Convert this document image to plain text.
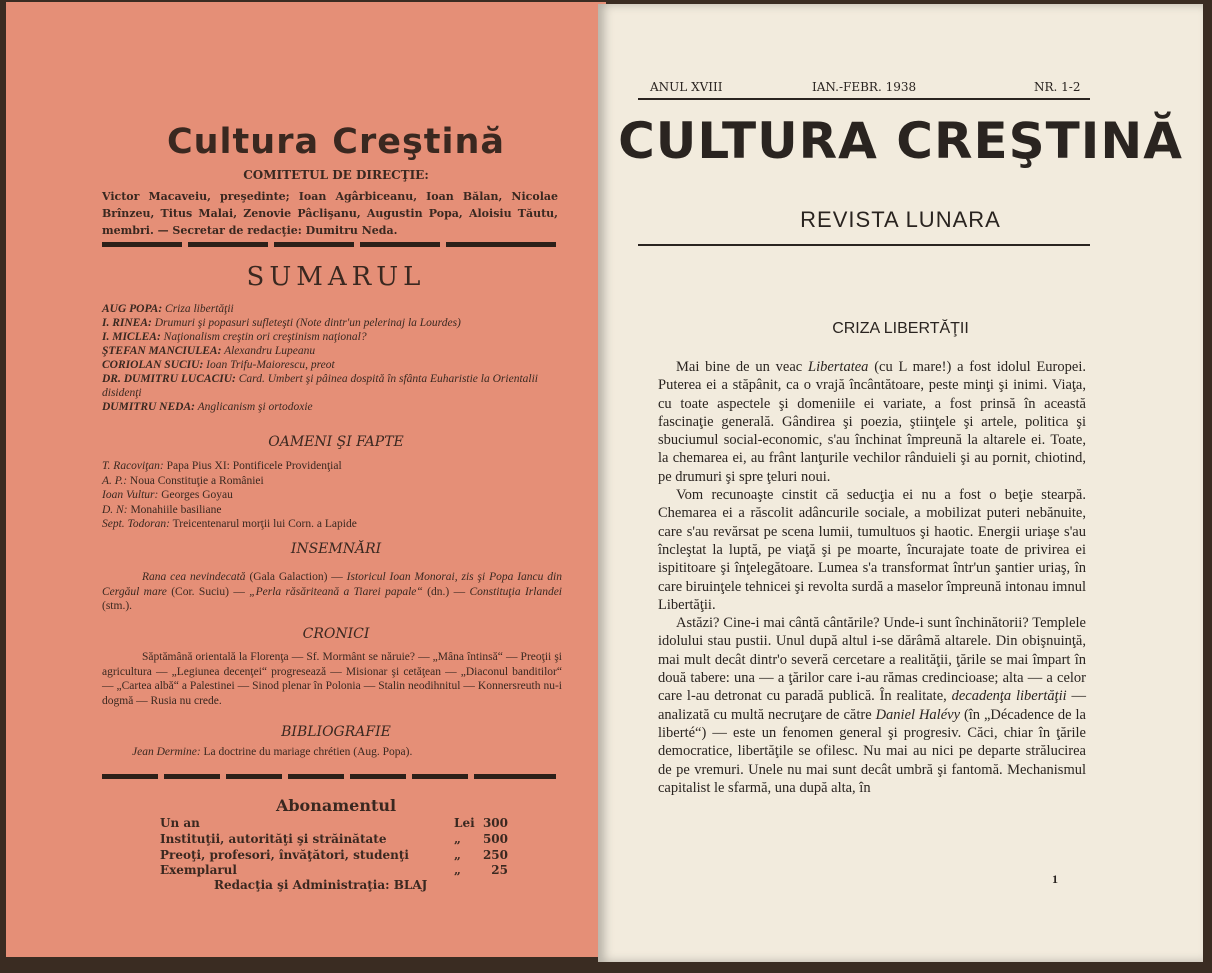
Cultura Creştină
COMITETUL DE DIRECŢIE:
Victor Macaveiu, preşedinte; Ioan Agârbiceanu, Ioan Bălan, Nicolae Brînzeu, Titus Malai, Zenovie Pâclişanu, Augustin Popa, Aloisiu Tăutu, membri. — Secretar de redacţie: Dumitru Neda.
SUMARUL
AUG POPA: Criza libertăţii
I. RINEA: Drumuri şi popasuri sufleteşti (Note dintr'un pelerinaj la Lourdes)
I. MICLEA: Naţionalism creştin ori creştinism naţional?
ŞTEFAN MANCIULEA: Alexandru Lupeanu
CORIOLAN SUCIU: Ioan Trifu-Maiorescu, preot
DR. DUMITRU LUCACIU: Card. Umbert şi pâinea dospită în sfânta Euharistie la Orientalii disidenţi
DUMITRU NEDA: Anglicanism şi ortodoxie
OAMENI ŞI FAPTE
T. Racoviţan: Papa Pius XI: Pontificele Providenţial
A. P.: Noua Constituţie a României
Ioan Vultur: Georges Goyau
D. N: Monahiile basiliane
Sept. Todoran: Treicentenarul morţii lui Corn. a Lapide
INSEMNĂRI
Rana cea nevindecată (Gala Galaction) — Istoricul Ioan Monorai, zis şi Popa Iancu din Cergăul mare (Cor. Suciu) — „Perla răsăriteană a Tiarei papale“ (dn.) — Constituţia Irlandei (stm.).
CRONICI
Săptămână orientală la Florenţa — Sf. Mormânt se năruie? — „Mâna întinsă“ — Preoţii şi agricultura — „Legiunea decenţei“ progresează — Misionar şi cetăţean — „Diaconul banditilor“ — „Cartea albă“ a Palestinei — Sinod plenar în Polonia — Stalin neodihnitul — Konnersreuth nu-i dogmă — Rusia nu crede.
BIBLIOGRAFIE
Jean Dermine: La doctrine du mariage chrétien (Aug. Popa).
Abonamentul
Un an	Lei 300
Instituţii, autorităţi şi străinătate	„ 500
Preoţi, profesori, învăţători, studenţi	„ 250
Exemplarul	„	25
Redacţia şi Administraţia: BLAJ
ANUL XVIII	IAN.-FEBR. 1938	NR. 1-2
CULTURA CREŞTINĂ
REVISTA LUNARA
CRIZA LIBERTĂŢII

Mai bine de un veac Libertatea (cu L mare!) a fost idolul Europei. Puterea ei a stăpânit, ca o vrajă încântătoare, peste minţi şi inimi. Viaţa, cu toate aspectele şi domeniile ei variate, a fost prinsă în această fascinaţie generală. Gândirea şi poezia, ştiinţele şi artele, politica şi sbuciumul social-economic, s'au închinat împreună la altarele ei. Toate, la chemarea ei, au frânt lanţurile vechilor rânduieli şi au pornit, chiotind, pe drumuri şi spre ţeluri noui.

Vom recunoaşte cinstit că seducţia ei nu a fost o beţie stearpă. Chemarea ei a răscolit adâncurile sociale, a mobilizat puteri nebănuite, care s'au revărsat pe scena lumii, tumultuos şi haotic. Energii uriaşe s'au încleştat la luptă, pe viaţă şi pe moarte, încurajate toate de privirea ei ispititoare şi înţelegătoare. Lumea s'a transformat într'un şantier uriaş, în care biruinţele tehnicei şi revolta surdă a maselor împreună intonau imnul Libertăţii.

Astăzi? Cine-i mai cântă cântările? Unde-i sunt închinătorii? Templele idolului stau pustii. Unul după altul i-se dărâmă altarele. Din obişnuinţă, mai mult decât dintr'o severă cercetare a realităţii, ţările se mai împart în două tabere: una — a ţărilor care i-au rămas credincioase; alta — a celor care l-au detronat cu paradă publică. În realitate, decadenţa libertăţii — analizată cu multă necruţare de către Daniel Halévy (în „Décadence de la liberté“) — este un fenomen general şi progresiv. Căci, chiar în ţările democratice, libertăţile se ofilesc. Nu mai au nici pe departe strălucirea de pe vremuri. Unele nu mai sunt decât umbră şi fantomă. Mechanismul capitalist le sfarmă, una după alta, în

1
